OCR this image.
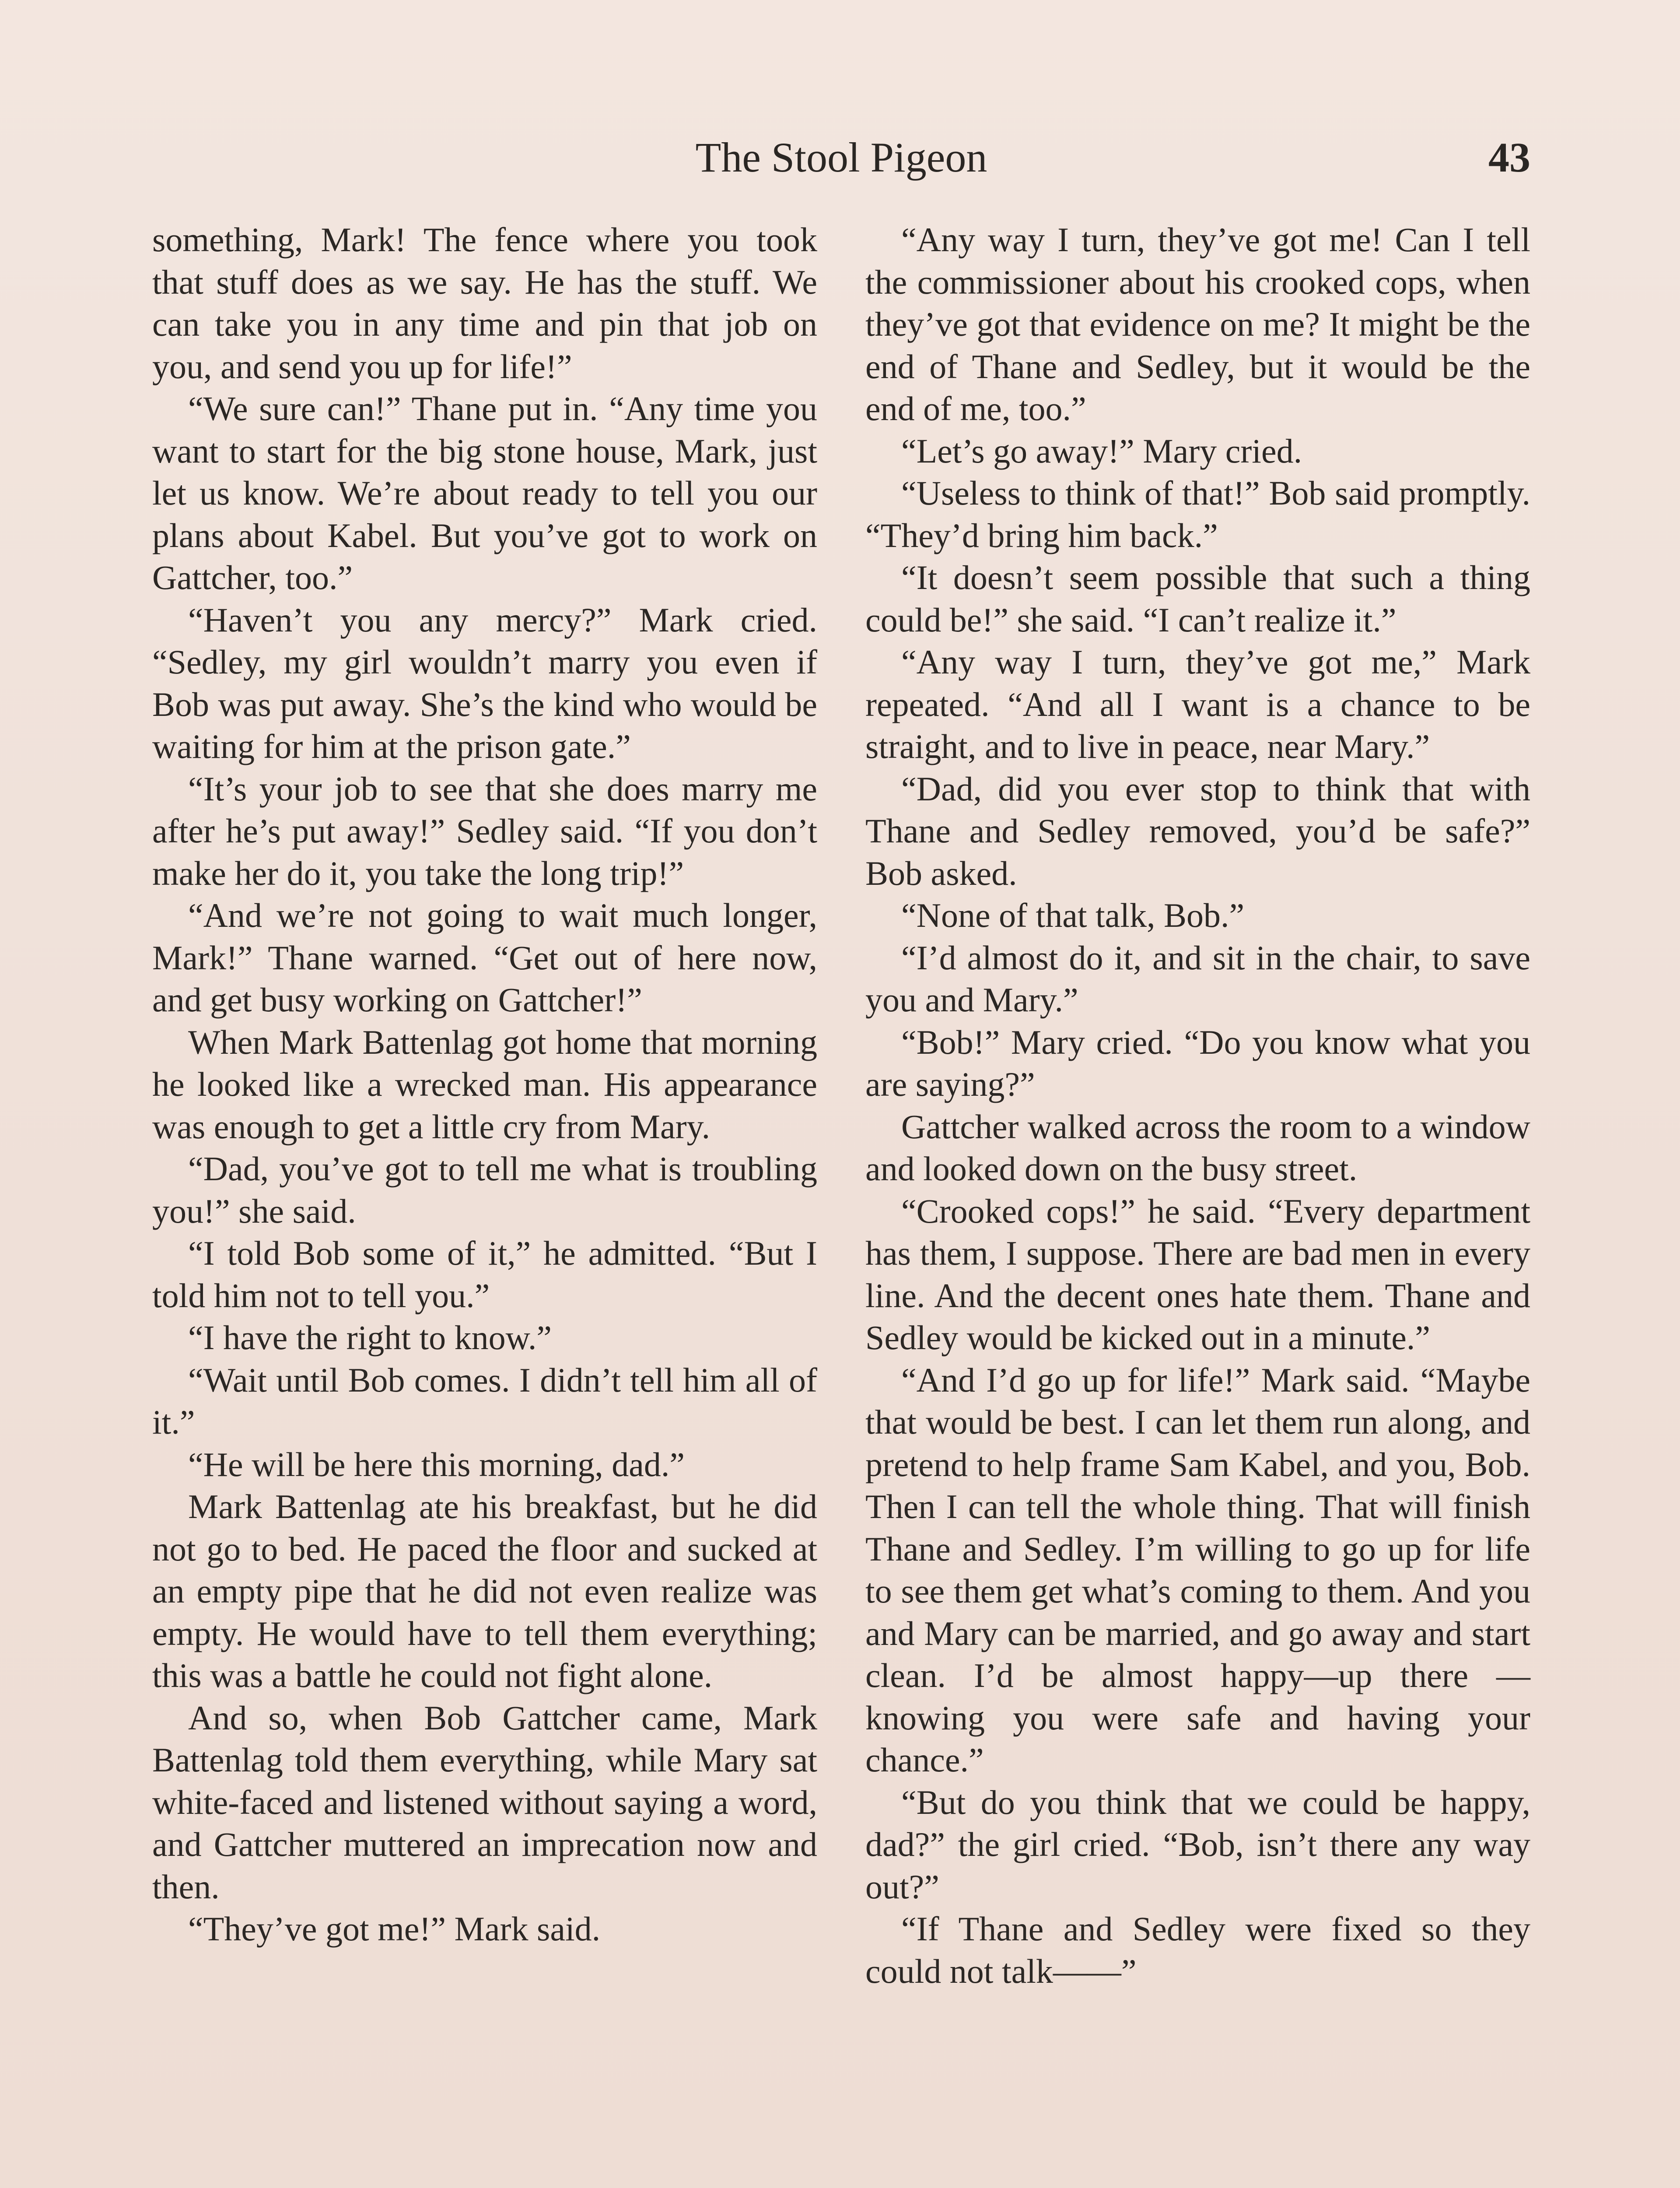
The Stool Pigeon	43

something, Mark! The fence where you took that stuff does as we say. He has the stuff. We can take you in any time and pin that job on you, and send you up for life!”

“We sure can!” Thane put in. “Any time you want to start for the big stone house, Mark, just let us know. We’re about ready to tell you our plans about Kabel. But you’ve got to work on Gattcher, too.”

“Haven’t you any mercy?” Mark cried. “Sedley, my girl wouldn’t marry you even if Bob was put away. She’s the kind who would be waiting for him at the prison gate.”

“It’s your job to see that she does marry me after he’s put away!” Sedley said. “If you don’t make her do it, you take the long trip!”

“And we’re not going to wait much longer, Mark!” Thane warned. “Get out of here now, and get busy working on Gattcher!”

When Mark Battenlag got home that morning he looked like a wrecked man. His appearance was enough to get a little cry from Mary.

“Dad, you’ve got to tell me what is troubling you!” she said.

“I told Bob some of it,” he admitted. “But I told him not to tell you.”

“I have the right to know.”

“Wait until Bob comes. I didn’t tell him all of it.”

“He will be here this morning, dad.”

Mark Battenlag ate his breakfast, but he did not go to bed. He paced the floor and sucked at an empty pipe that he did not even realize was empty. He would have to tell them everything; this was a battle he could not fight alone.

And so, when Bob Gattcher came, Mark Battenlag told them everything, while Mary sat white-faced and listened without saying a word, and Gattcher muttered an imprecation now and then.

“They’ve got me!” Mark said.

“Any way I turn, they’ve got me! Can I tell the commissioner about his crooked cops, when they’ve got that evidence on me? It might be the end of Thane and Sedley, but it would be the end of me, too.”

“Let’s go away!” Mary cried.

“Useless to think of that!” Bob said promptly. “They’d bring him back.”

“It doesn’t seem possible that such a thing could be!” she said. “I can’t realize it.”

“Any way I turn, they’ve got me,” Mark repeated. “And all I want is a chance to be straight, and to live in peace, near Mary.”

“Dad, did you ever stop to think that with Thane and Sedley removed, you’d be safe?” Bob asked.

“None of that talk, Bob.”

“I’d almost do it, and sit in the chair, to save you and Mary.”

“Bob!” Mary cried. “Do you know what you are saying?”

Gattcher walked across the room to a window and looked down on the busy street.

“Crooked cops!” he said. “Every department has them, I suppose. There are bad men in every line. And the decent ones hate them. Thane and Sedley would be kicked out in a minute.”

“And I’d go up for life!” Mark said. “Maybe that would be best. I can let them run along, and pretend to help frame Sam Kabel, and you, Bob. Then I can tell the whole thing. That will finish Thane and Sedley. I’m willing to go up for life to see them get what’s coming to them. And you and Mary can be married, and go away and start clean. I’d be almost happy—up there —knowing you were safe and having your chance.”

“But do you think that we could be happy, dad?” the girl cried. “Bob, isn’t there any way out?”

“If Thane and Sedley were fixed so they could not talk——”
